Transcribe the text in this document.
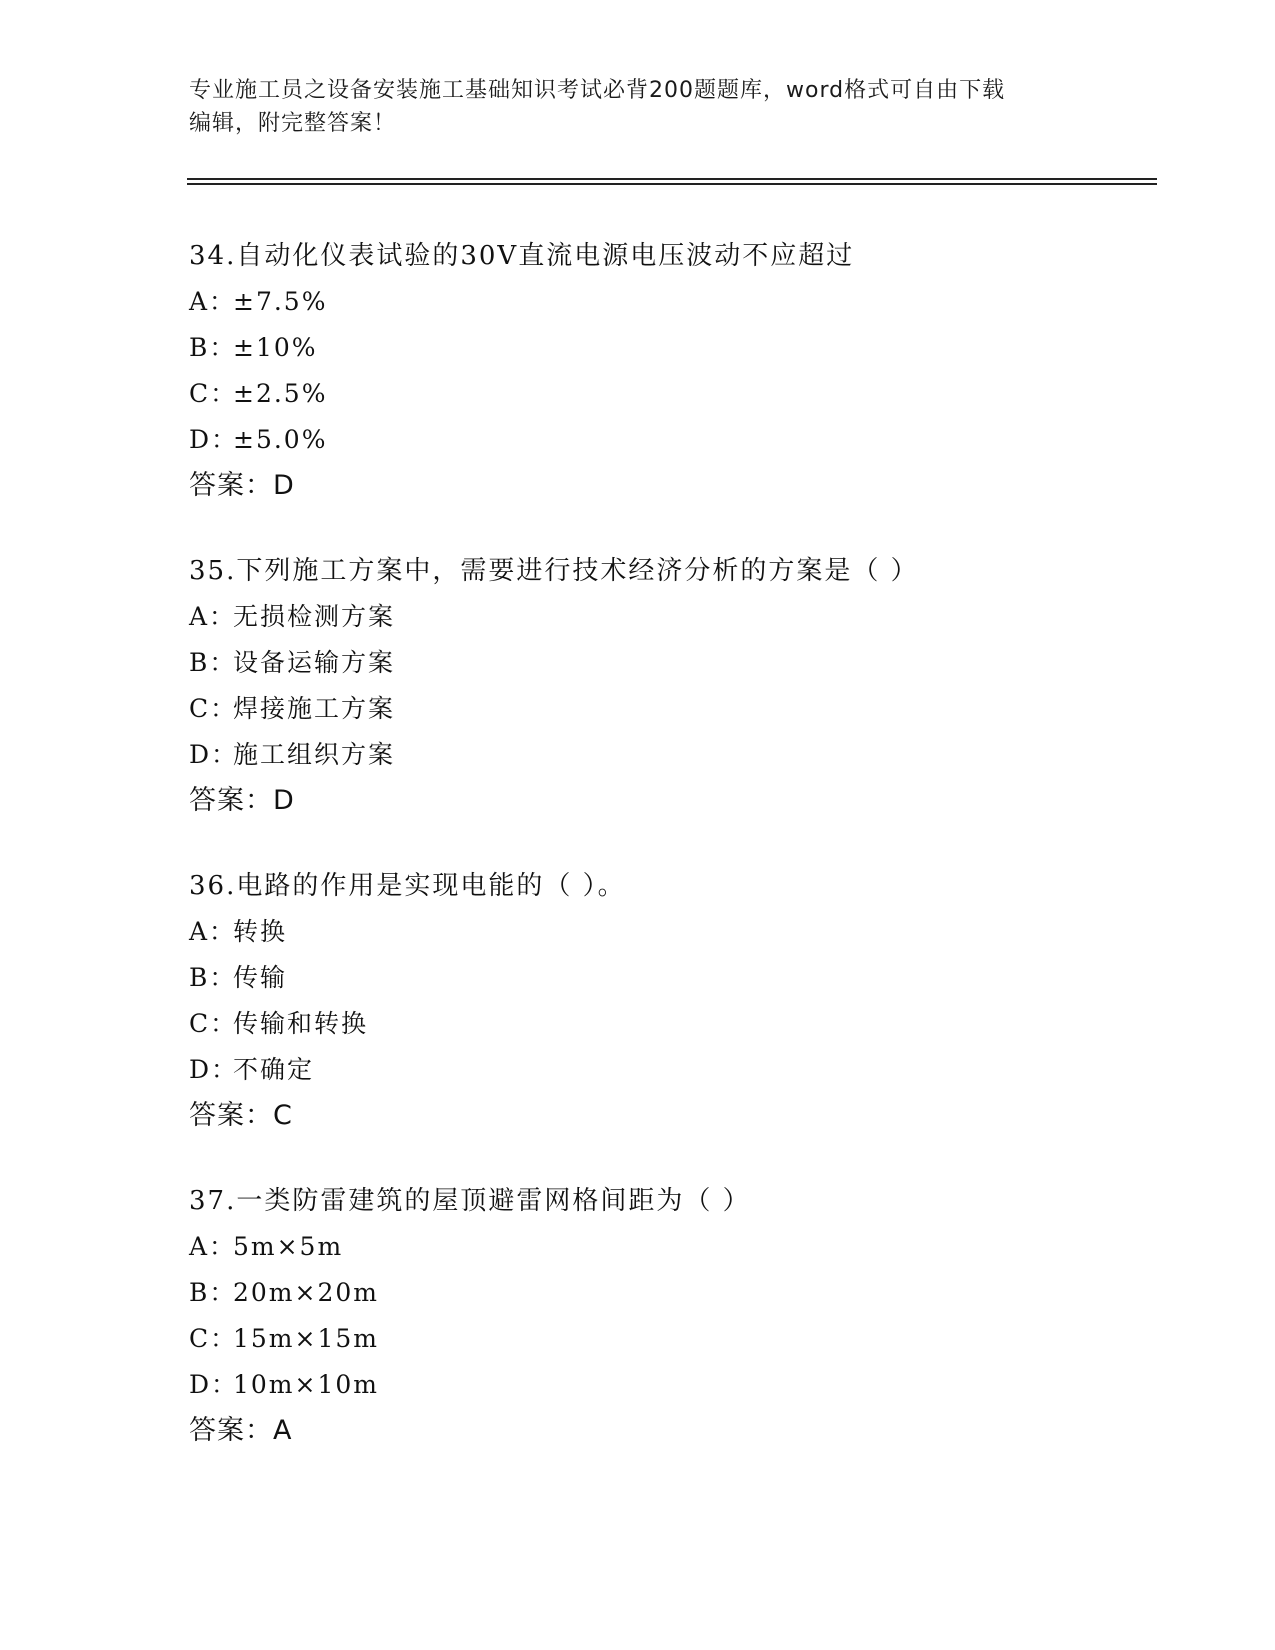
专业施工员之设备安装施工基础知识考试必背200题题库，word格式可自由下载
编辑，附完整答案！
34.自动化仪表试验的30V直流电源电压波动不应超过
A：±7.5%
B：±10%
C：±2.5%
D：±5.0%
答案：D
35.下列施工方案中，需要进行技术经济分析的方案是（ ）
A：无损检测方案
B：设备运输方案
C：焊接施工方案
D：施工组织方案
答案：D
36.电路的作用是实现电能的（ ）。
A：转换
B：传输
C：传输和转换
D：不确定
答案：C
37.一类防雷建筑的屋顶避雷网格间距为（ ）
A：5m×5m
B：20m×20m
C：15m×15m
D：10m×10m
答案：A
